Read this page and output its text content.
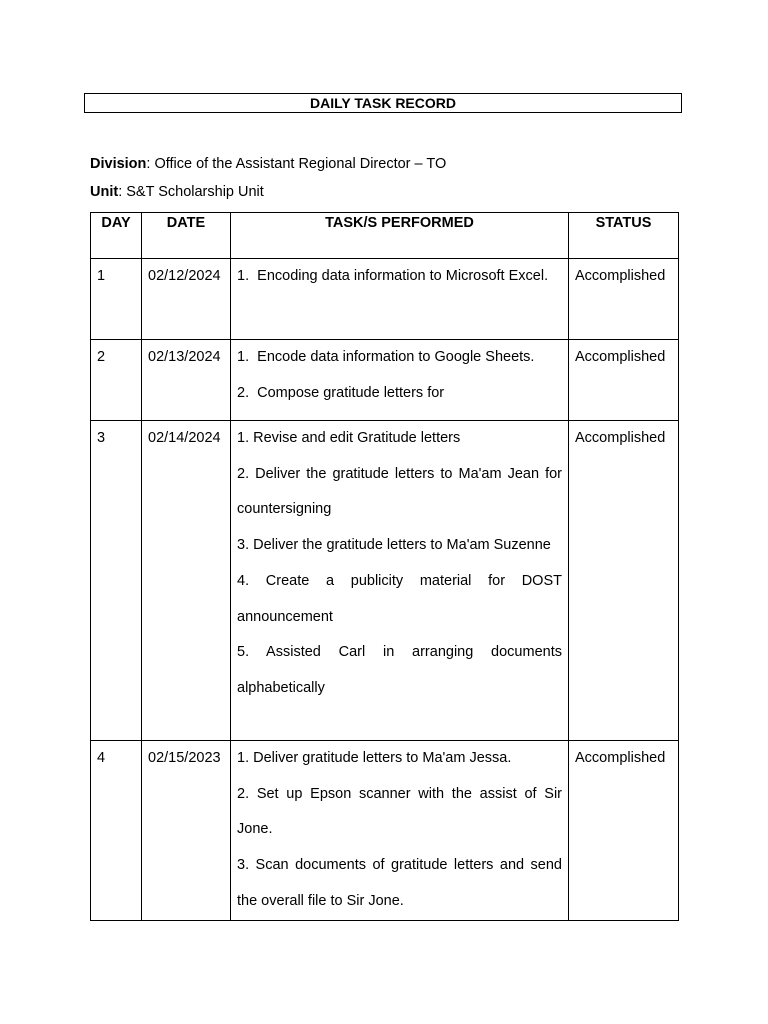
DAILY TASK RECORD
Division: Office of the Assistant Regional Director – TO
Unit: S&T Scholarship Unit
DAY	DATE	TASK/S PERFORMED	STATUS
1	02/12/2024	1.  Encoding data information to Microsoft Excel.	Accomplished
2	02/13/2024	1.  Encode data information to Google Sheets.
2.  Compose gratitude letters for	Accomplished
3	02/14/2024	1. Revise and edit Gratitude letters
2. Deliver the gratitude letters to Ma'am Jean for countersigning
3. Deliver the gratitude letters to Ma'am Suzenne
4. Create a publicity material for DOST announcement
5. Assisted Carl in arranging documents alphabetically	Accomplished
4	02/15/2023	1. Deliver gratitude letters to Ma'am Jessa.
2. Set up Epson scanner with the assist of Sir Jone.
3. Scan documents of gratitude letters and send the overall file to Sir Jone.	Accomplished
